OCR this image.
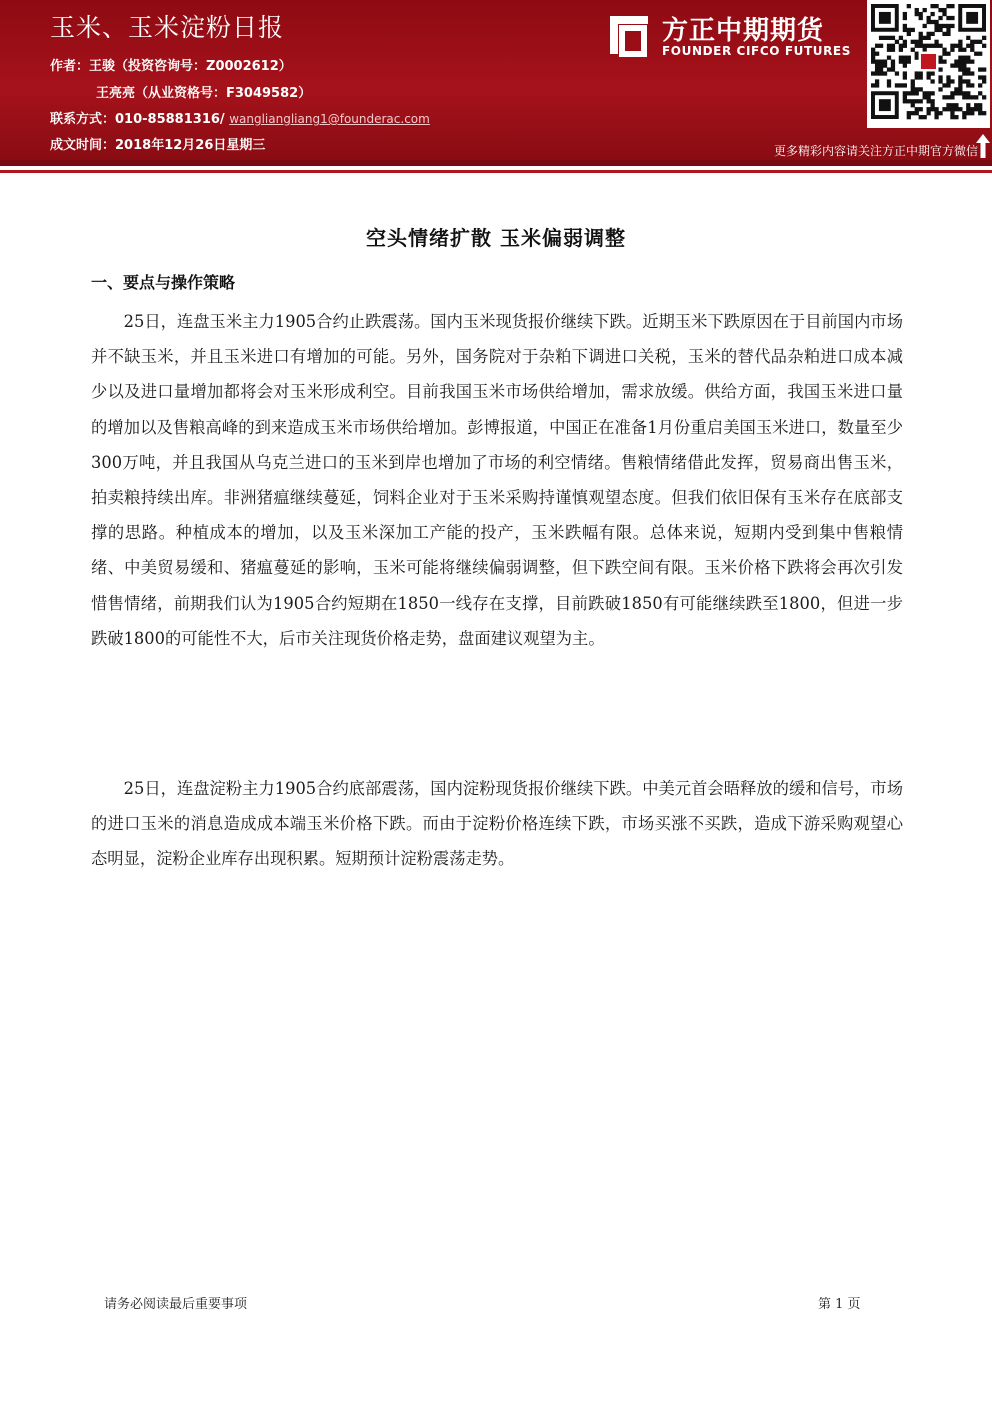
玉米、玉米淀粉日报
作者：王骏（投资咨询号：Z0002612）
王亮亮（从业资格号：F3049582）
联系方式：010-85881316/ wangliangliang1@founderac.com
成文时间：2018年12月26日星期三
方正中期期货
FOUNDER CIFCO FUTURES
更多精彩内容请关注方正中期官方微信
空头情绪扩散 玉米偏弱调整
一、要点与操作策略

25日，连盘玉米主力1905合约止跌震荡。国内玉米现货报价继续下跌。近期玉米下跌原因在于目前国内市场并不缺玉米，并且玉米进口有增加的可能。另外，国务院对于杂粕下调进口关税，玉米的替代品杂粕进口成本减少以及进口量增加都将会对玉米形成利空。目前我国玉米市场供给增加，需求放缓。供给方面，我国玉米进口量的增加以及售粮高峰的到来造成玉米市场供给增加。彭博报道，中国正在准备1月份重启美国玉米进口，数量至少300万吨，并且我国从乌克兰进口的玉米到岸也增加了市场的利空情绪。售粮情绪借此发挥，贸易商出售玉米，拍卖粮持续出库。非洲猪瘟继续蔓延，饲料企业对于玉米采购持谨慎观望态度。但我们依旧保有玉米存在底部支撑的思路。种植成本的增加，以及玉米深加工产能的投产，玉米跌幅有限。总体来说，短期内受到集中售粮情绪、中美贸易缓和、猪瘟蔓延的影响，玉米可能将继续偏弱调整，但下跌空间有限。玉米价格下跌将会再次引发惜售情绪，前期我们认为1905合约短期在1850一线存在支撑，目前跌破1850有可能继续跌至1800，但进一步跌破1800的可能性不大，后市关注现货价格走势，盘面建议观望为主。

25日，连盘淀粉主力1905合约底部震荡，国内淀粉现货报价继续下跌。中美元首会晤释放的缓和信号，市场的进口玉米的消息造成成本端玉米价格下跌。而由于淀粉价格连续下跌，市场买涨不买跌，造成下游采购观望心态明显，淀粉企业库存出现积累。短期预计淀粉震荡走势。

请务必阅读最后重要事项	第 1 页
